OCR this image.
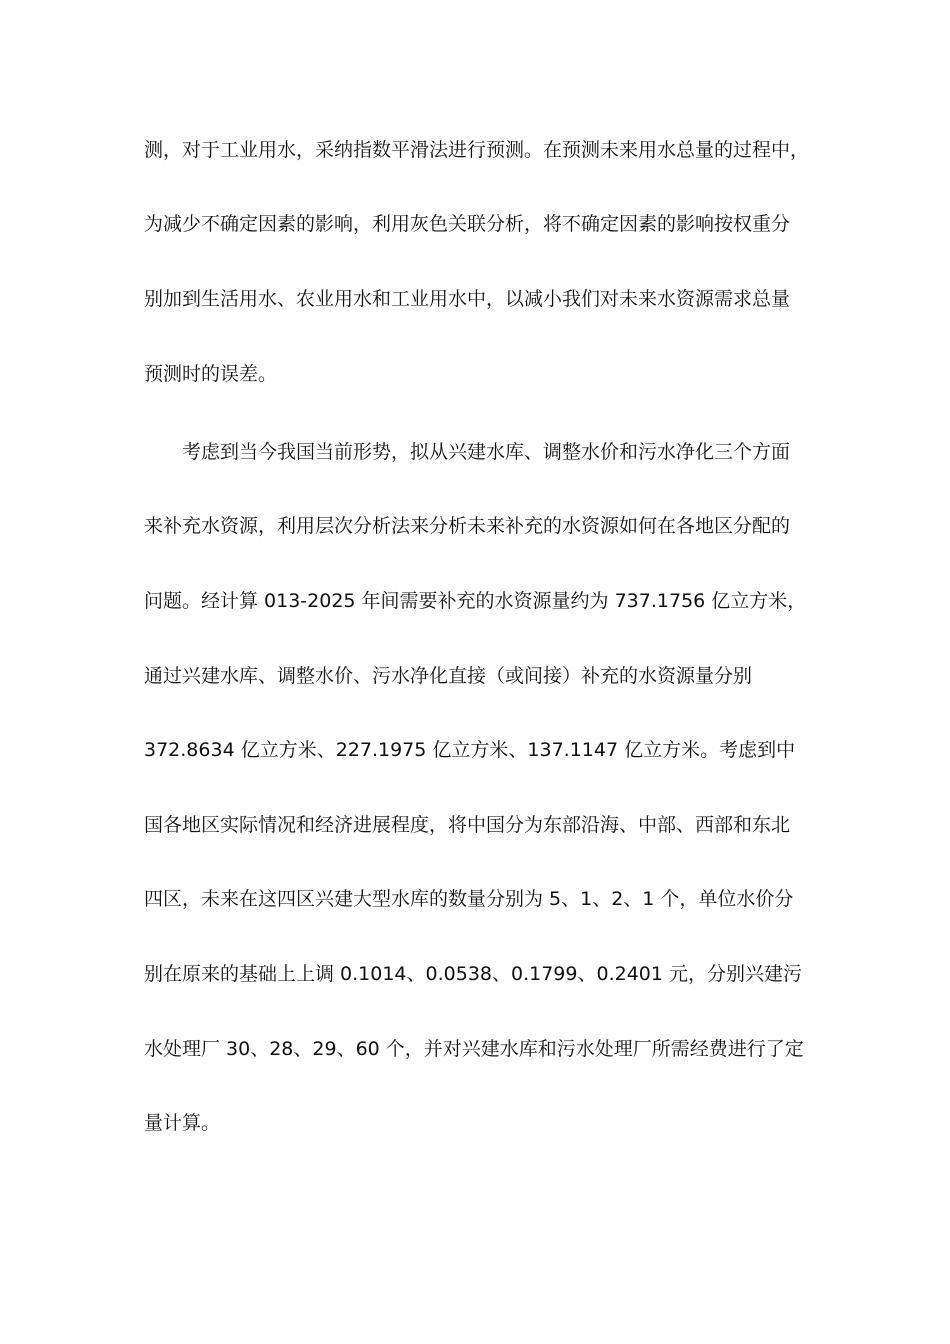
测，对于工业用水，采纳指数平滑法进行预测。在预测未来用水总量的过程中，
为减少不确定因素的影响，利用灰色关联分析，将不确定因素的影响按权重分
别加到生活用水、农业用水和工业用水中，以减小我们对未来水资源需求总量
预测时的误差。
　　考虑到当今我国当前形势，拟从兴建水库、调整水价和污水净化三个方面
来补充水资源，利用层次分析法来分析未来补充的水资源如何在各地区分配的
问题。经计算 013-2025 年间需要补充的水资源量约为 737.1756 亿立方米，
通过兴建水库、调整水价、污水净化直接（或间接）补充的水资源量分别
372.8634 亿立方米、227.1975 亿立方米、137.1147 亿立方米。考虑到中
国各地区实际情况和经济进展程度，将中国分为东部沿海、中部、西部和东北
四区，未来在这四区兴建大型水库的数量分别为 5、1、2、1 个，单位水价分
别在原来的基础上上调 0.1014、0.0538、0.1799、0.2401 元，分别兴建污
水处理厂 30、28、29、60 个，并对兴建水库和污水处理厂所需经费进行了定
量计算。
